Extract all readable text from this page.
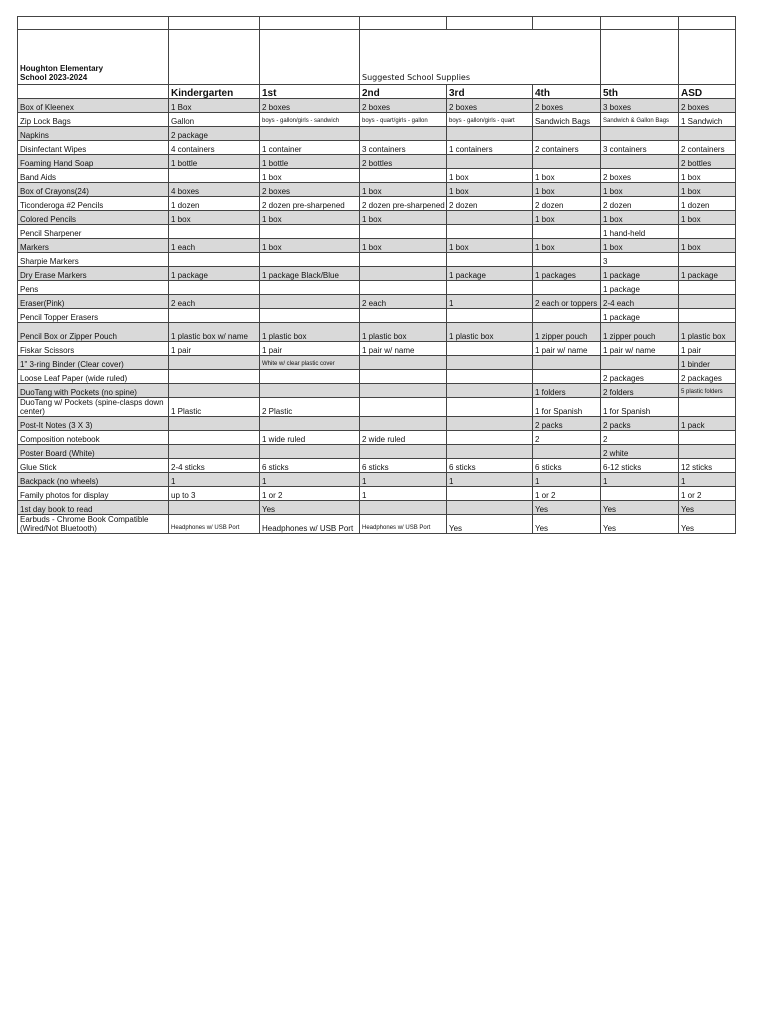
Houghton Elementary
School 2023-2024			Suggested School Supplies				
	Kindergarten	1st	2nd	3rd	4th	5th	ASD
Box of Kleenex	1 Box	2 boxes	2 boxes	2 boxes	2 boxes	3 boxes	2 boxes
Zip Lock Bags	Gallon	boys - gallon/girls - sandwich	boys - quart/girls - gallon	boys - gallon/girls - quart	Sandwich Bags	Sandwich & Gallon Bags	1 Sandwich
Napkins	2 package						
Disinfectant Wipes	4 containers	1 container	3 containers	1 containers	2 containers	3 containers	2 containers
Foaming Hand Soap	1 bottle	1 bottle	2 bottles				2 bottles
Band Aids		1 box		1 box	1 box	2 boxes	1 box
Box of Crayons(24)	4 boxes	2 boxes	1 box	1 box	1 box	1 box	1 box
Ticonderoga #2 Pencils	1 dozen	2 dozen pre-sharpened	2 dozen pre-sharpened	2 dozen	2 dozen	2 dozen	1 dozen
Colored Pencils	1 box	1 box	1 box		1 box	1 box	1 box
Pencil Sharpener						1 hand-held	
Markers	1 each	1 box	1 box	1 box	1 box	1 box	1 box
Sharpie Markers						3	
Dry Erase Markers	1 package	1 package Black/Blue		1 package	1 packages	1 package	1 package
Pens						1 package	
Eraser(Pink)	2 each		2 each	1	2 each or toppers	2-4 each	
Pencil Topper Erasers						1 package	
Pencil Box or Zipper Pouch	1 plastic box w/ name	1 plastic box	1 plastic box	1 plastic box	1 zipper pouch	1 zipper pouch	1 plastic box
Fiskar Scissors	1 pair	1 pair	1 pair w/ name		1 pair w/ name	1 pair w/ name	1 pair
1" 3-ring Binder (Clear cover)		White w/ clear plastic cover					1 binder
Loose Leaf Paper (wide ruled)						2 packages	2 packages
DuoTang with Pockets (no spine)					1 folders	2 folders	5 plastic folders
DuoTang w/ Pockets (spine-clasps down center)	1 Plastic	2 Plastic			1 for Spanish	1 for Spanish	
Post-It Notes (3 X 3)					2 packs	2 packs	1 pack
Composition notebook		1 wide ruled	2 wide ruled		2	2	
Poster Board (White)						2 white	
Glue Stick	2-4 sticks	6 sticks	6 sticks	6 sticks	6 sticks	6-12 sticks	12 sticks
Backpack (no wheels)	1	1	1	1	1	1	1
Family photos for display	up to 3	1 or 2	1		1 or 2		1 or 2
1st day book to read		Yes			Yes	Yes	Yes
Earbuds - Chrome Book Compatible (Wired/Not Bluetooth)	Headphones w/ USB Port	Headphones w/ USB Port	Headphones w/ USB Port	Yes	Yes	Yes	Yes
